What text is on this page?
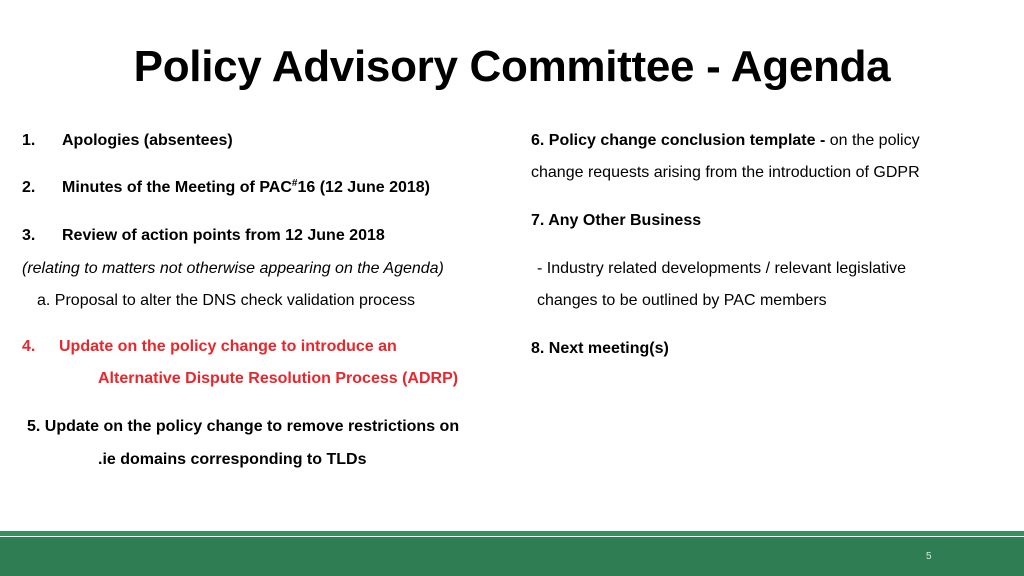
Policy Advisory Committee - Agenda
1. Apologies (absentees)
2. Minutes of the Meeting of PAC#16 (12 June 2018)
3. Review of action points from 12 June 2018
(relating to matters not otherwise appearing on the Agenda)
a. Proposal to alter the DNS check validation process
4. Update on the policy change to introduce an
Alternative Dispute Resolution Process (ADRP)
5. Update on the policy change to remove restrictions on
.ie domains corresponding to TLDs
6. Policy change conclusion template - on the policy
change requests arising from the introduction of GDPR
7. Any Other Business
- Industry related developments / relevant legislative
changes to be outlined by PAC members
8. Next meeting(s)
5
